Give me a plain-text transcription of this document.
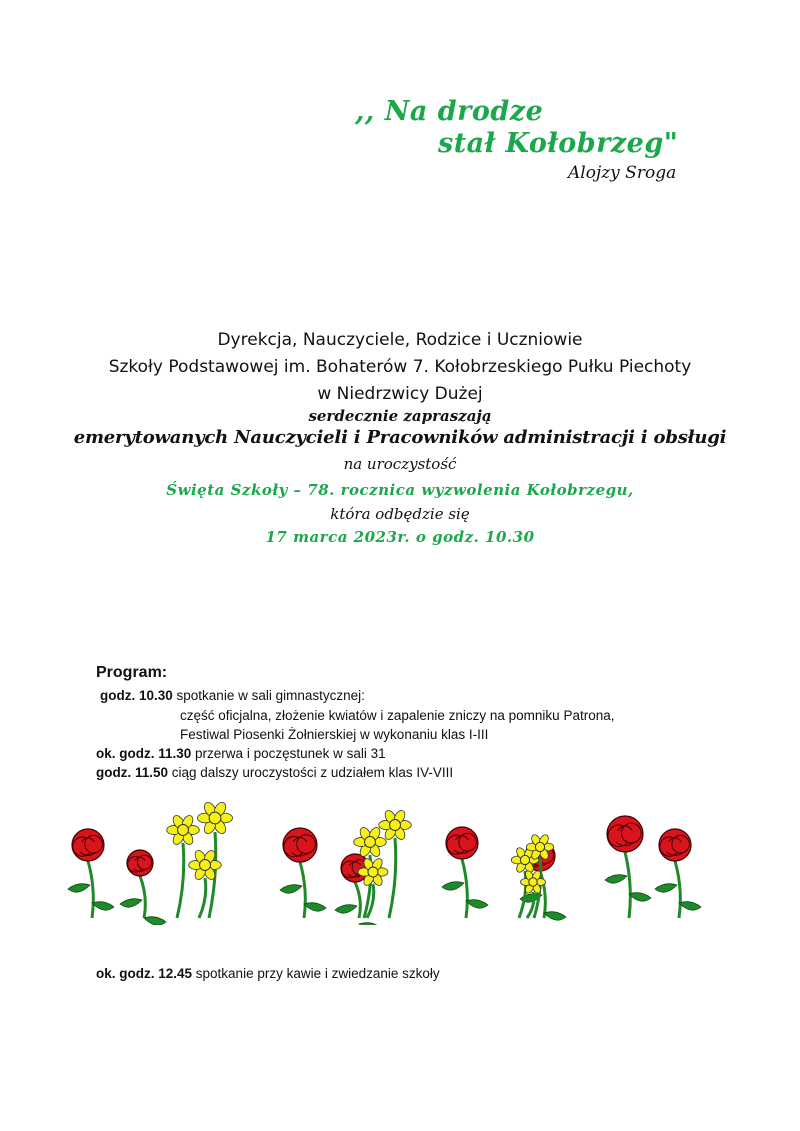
,, Na drodze
stał Kołobrzeg"
Alojzy Sroga
Dyrekcja, Nauczyciele, Rodzice i Uczniowie
Szkoły Podstawowej im. Bohaterów 7. Kołobrzeskiego Pułku Piechoty
w Niedrzwicy Dużej
serdecznie zapraszają
emerytowanych Nauczycieli i Pracowników administracji i obsługi
na uroczystość
Święta Szkoły – 78. rocznica wyzwolenia Kołobrzegu,
która odbędzie się
17 marca 2023r. o godz. 10.30
Program:
godz. 10.30 spotkanie w sali gimnastycznej:
część oficjalna, złożenie kwiatów i zapalenie zniczy na pomniku Patrona,
Festiwal Piosenki Żołnierskiej w wykonaniu klas I-III
ok. godz. 11.30 przerwa i poczęstunek w sali 31
godz. 11.50 ciąg dalszy uroczystości z udziałem klas IV-VIII
ok. godz. 12.45 spotkanie przy kawie i zwiedzanie szkoły
